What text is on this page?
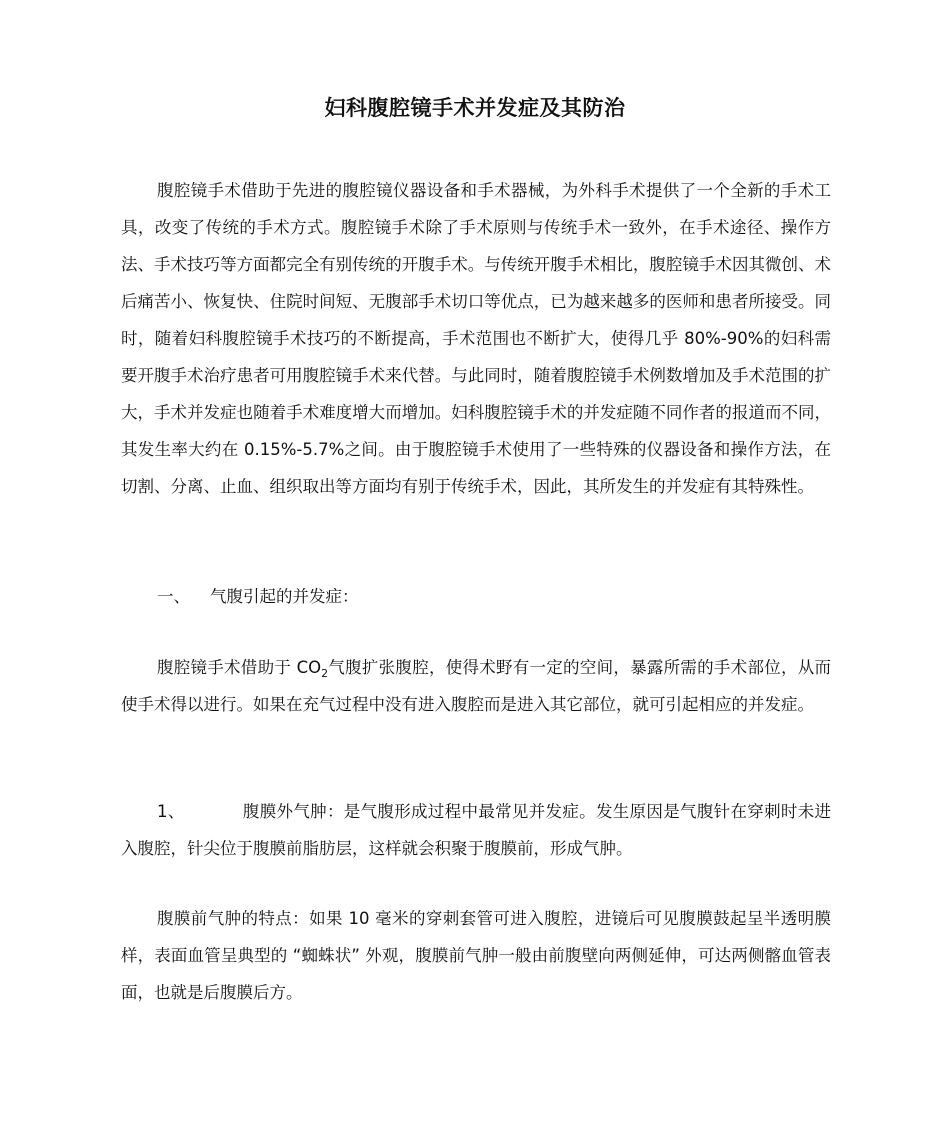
妇科腹腔镜手术并发症及其防治

腹腔镜手术借助于先进的腹腔镜仪器设备和手术器械，为外科手术提供了一个全新的手术工具，改变了传统的手术方式。腹腔镜手术除了手术原则与传统手术一致外，在手术途径、操作方法、手术技巧等方面都完全有别传统的开腹手术。与传统开腹手术相比，腹腔镜手术因其微创、术后痛苦小、恢复快、住院时间短、无腹部手术切口等优点，已为越来越多的医师和患者所接受。同时，随着妇科腹腔镜手术技巧的不断提高，手术范围也不断扩大，使得几乎 80%-90%的妇科需要开腹手术治疗患者可用腹腔镜手术来代替。与此同时，随着腹腔镜手术例数增加及手术范围的扩大，手术并发症也随着手术难度增大而增加。妇科腹腔镜手术的并发症随不同作者的报道而不同，其发生率大约在 0.15%-5.7%之间。由于腹腔镜手术使用了一些特殊的仪器设备和操作方法，在切割、分离、止血、组织取出等方面均有别于传统手术，因此，其所发生的并发症有其特殊性。

一、 气腹引起的并发症：

腹腔镜手术借助于 $CO_2$气腹扩张腹腔，使得术野有一定的空间，暴露所需的手术部位，从而使手术得以进行。如果在充气过程中没有进入腹腔而是进入其它部位，就可引起相应的并发症。

1、	腹膜外气肿：是气腹形成过程中最常见并发症。发生原因是气腹针在穿刺时未进入腹腔，针尖位于腹膜前脂肪层，这样就会积聚于腹膜前，形成气肿。

腹膜前气肿的特点：如果 10 毫米的穿刺套管可进入腹腔，进镜后可见腹膜鼓起呈半透明膜样，表面血管呈典型的 “蜘蛛状” 外观，腹膜前气肿一般由前腹壁向两侧延伸，可达两侧髂血管表面，也就是后腹膜后方。
